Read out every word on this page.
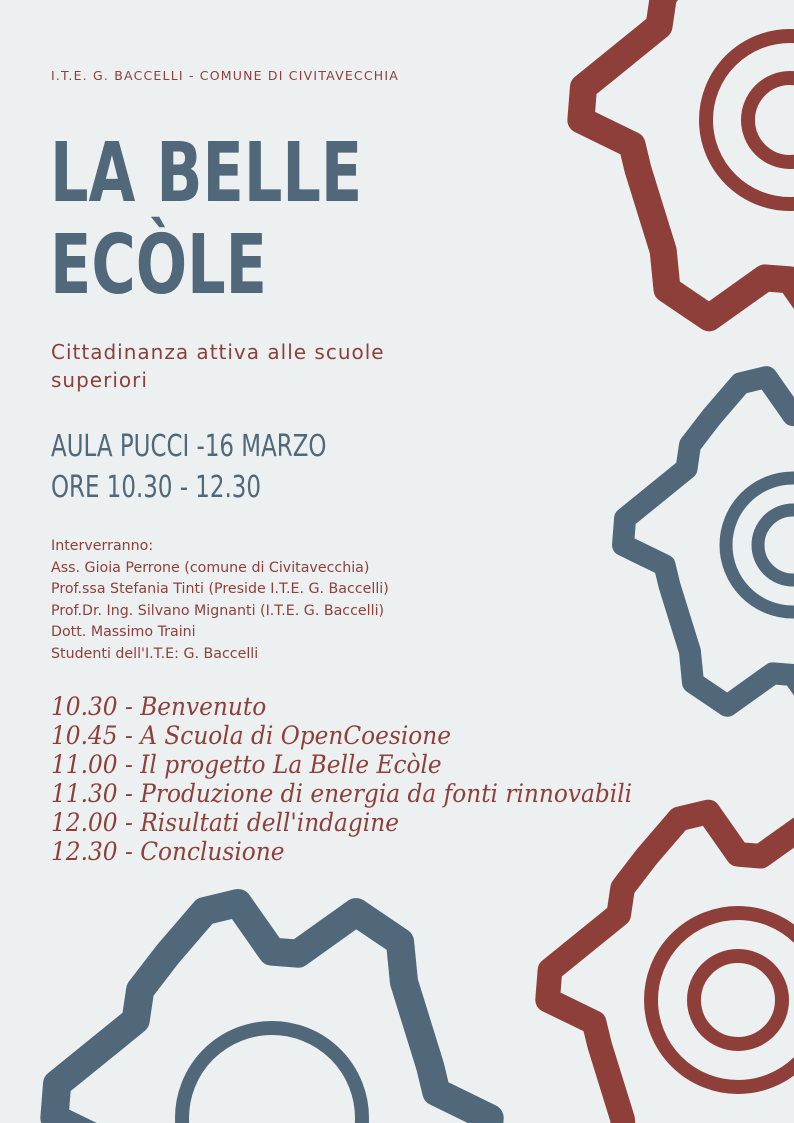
I.T.E. G. BACCELLI - COMUNE DI CIVITAVECCHIA
LA BELLE
ECÒLE
Cittadinanza attiva alle scuole superiori
AULA PUCCI -16 MARZO
ORE 10.30 - 12.30
Interverranno:
Ass. Gioia Perrone (comune di Civitavecchia)
Prof.ssa Stefania Tinti (Preside I.T.E. G. Baccelli)
Prof.Dr. Ing. Silvano Mignanti (I.T.E. G. Baccelli)
Dott. Massimo Traini
Studenti dell'I.T.E: G. Baccelli
10.30 - Benvenuto
10.45 - A Scuola di OpenCoesione
11.00 - Il progetto La Belle Ecòle
11.30 - Produzione di energia da fonti rinnovabili
12.00 - Risultati dell'indagine
12.30 - Conclusione
